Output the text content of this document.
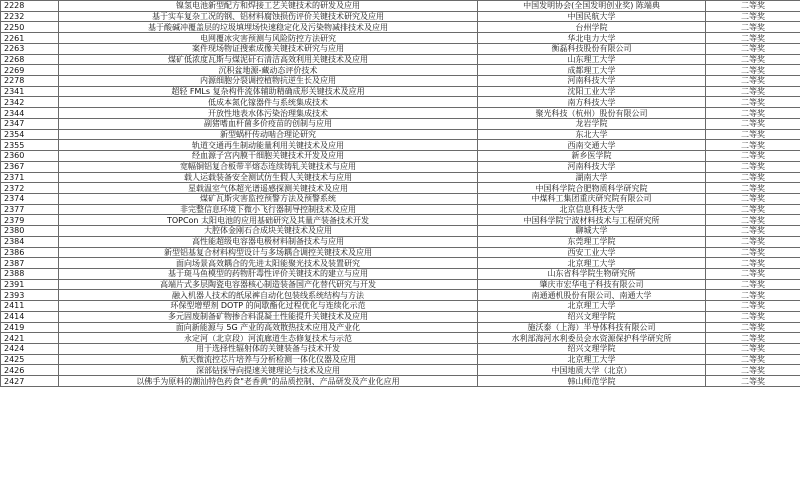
2228	镍氢电池新型配方和焊接工艺关键技术的研发及应用	中国发明协会(全国发明创业奖) 陈端典	二等奖
2232	基于实车复杂工况的钢、铝材料腐蚀损伤评价关键技术研究及应用	中国民航大学	二等奖
2250	基于酸碱冲覆盖层的垃圾填埋场快速稳定化及污染物减排技术及应用	台州学院	二等奖
2261	电网覆冰灾害预测与风险防控方法研究	华北电力大学	二等奖
2263	案件现场物证搜索成像关键技术研究与应用	衡磊科技股份有限公司	二等奖
2268	煤矿低浓度瓦斯与煤泥矸石清洁高效利用关键技术及应用	山东理工大学	二等奖
2269	沉积盆地源-藏动态评价技术	成都理工大学	二等奖
2278	内源细胞分裂调控植物抗逆生长及应用	河南科技大学	二等奖
2341	超轻 FMLs 复杂构件流体辅助精确成形关键技术及应用	沈阳工业大学	二等奖
2342	低成本氮化镓器件与系统集成技术	南方科技大学	二等奖
2344	开放性地表水体污染治理集成技术	聚光科技（杭州）股份有限公司	二等奖
2347	副猪嗜血杆菌多价疫苗的创制与应用	龙岩学院	二等奖
2354	新型蜗杆传动啮合理论研究	东北大学	二等奖
2355	轨道交通再生制动能量利用关键技术及应用	西南交通大学	二等奖
2360	经血源子宫内膜干细胞关键技术开发及应用	新乡医学院	二等奖
2367	宽幅铜铝复合板带半熔态连续铸轧关键技术与应用	河南科技大学	二等奖
2371	载人运载装备安全测试仿生假人关键技术与应用	湖南大学	二等奖
2372	星载温室气体超光谱遥感探测关键技术及应用	中国科学院合肥物质科学研究院	二等奖
2374	煤矿瓦斯灾害监控预警方法及预警系统	中煤科工集团重庆研究院有限公司	二等奖
2377	非完整信息环境下微小飞行器制导控制技术及应用	北京信息科技大学	二等奖
2379	TOPCon 太阳电池的应用基础研究及其量产装备技术开发	中国科学院宁波材料技术与工程研究所	二等奖
2380	大腔体金刚石合成块关键技术及应用	聊城大学	二等奖
2384	高性能超级电容器电极材料制备技术与应用	东莞理工学院	二等奖
2386	新型铝基复合材料构型设计与多场耦合调控关键技术及应用	西安工业大学	二等奖
2387	面向场景高效耦合的先进太阳能聚光技术及装置研究	北京理工大学	二等奖
2388	基于斑马鱼模型的药物肝毒性评价关键技术的建立与应用	山东省科学院生物研究所	二等奖
2391	高端片式多层陶瓷电容器核心制造装备国产化替代研究与开发	肇庆市宏华电子科技有限公司	二等奖
2393	融入机器人技术的纸尿裤自动化包装线系统结构与方法	南通通机股份有限公司、南通大学	二等奖
2411	环保型增塑剂 DOTP 的间歇酯化过程优化与连续化示范	北京理工大学	二等奖
2414	多元固废制备矿物掺合料混凝土性能提升关键技术及应用	绍兴文理学院	二等奖
2419	面向新能源与 5G 产业的高效散热技术应用及产业化	施沃泰（上海）半导体科技有限公司	二等奖
2421	永定河（北京段）河流廊道生态修复技术与示范	水利部海河水利委员会水资源保护科学研究所	二等奖
2424	用于选择性辐射体的关键装备与技术开发	绍兴文理学院	二等奖
2425	航天微流控芯片培养与分析检测一体化仪器及应用	北京理工大学	二等奖
2426	深部钻探导向提速关键理论与技术及应用	中国地质大学（北京）	二等奖
2427	以佛手为原料的潮汕特色药食"老香黄"的品质控制、产品研发及产业化应用	韩山师范学院	二等奖
